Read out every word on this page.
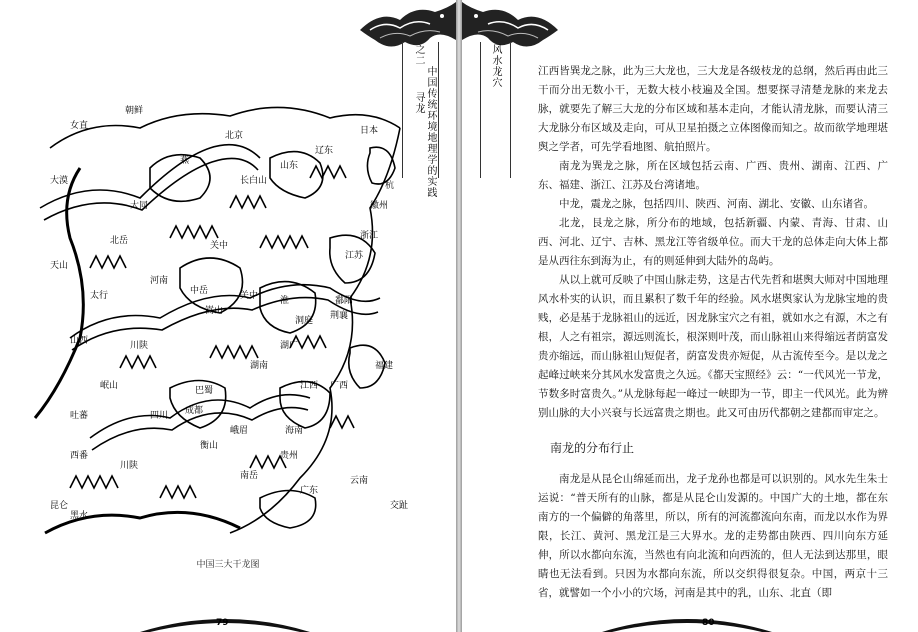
之二
中国传统环境地理学的实践
寻龙
女直
朝鲜
大漠
日本
北京
燕	山东
辽东
长白山
大同
北岳
河南
中岳
嵩山
关中 淮
太行
山西
江苏
荆襄
江西
川陕
巴蜀
洞庭
鄱阳
岷山
四川 成都
峨眉
吐蕃
贵州
广西
广东
衡山
南岳	云南
交趾
海南
西番
黑水
福建
浙江
湖广
关中
天山
昆仑
川陕
湖南
徽州
杭
中国三大干龙图
79
风水龙穴	江西皆巽龙之脉，此为三大龙也，三大龙是各级枝龙的总纲，然后再由此三干而分出无数小干，无数大枝小枝遍及全国。想要探寻清楚龙脉的来龙去脉，就要先了解三大龙的分布区域和基本走向，才能认清龙脉，而要认清三大龙脉分布区域及走向，可从卫星拍摄之立体图像而知之。故而欲学地理堪舆之学者，可先学看地图、航拍照片。

南龙为巽龙之脉，所在区域包括云南、广西、贵州、湖南、江西、广东、福建、浙江、江苏及台湾诸地。

中龙，震龙之脉，包括四川、陕西、河南、湖北、安徽、山东诸省。

北龙，艮龙之脉，所分布的地域，包括新疆、内蒙、青海、甘肃、山西、河北、辽宁、吉林、黑龙江等省级单位。而大干龙的总体走向大体上都是从西往东到海为止，有的则延伸到大陆外的岛屿。

从以上就可反映了中国山脉走势，这是古代先哲和堪舆大师对中国地理风水朴实的认识，而且累积了数千年的经验。风水堪舆家认为龙脉宝地的贵贱，必是基于龙脉祖山的远近，因龙脉宝穴之有祖，就如水之有源，木之有根，人之有祖宗，源远则流长，根深则叶茂，而山脉祖山来得缩远者荫富发贵亦缩远，而山脉祖山短促者，荫富发贵亦短促，从古流传至今。是以龙之起峰过峡来分其风水发富贵之久远。《都天宝照经》云：“一代风光一节龙，节数多时富贵久。”从龙脉每起一峰过一峡即为一节，即主一代风光。此为辨别山脉的大小兴衰与长远富贵之期也。此又可由历代都朝之建都而审定之。

南龙的分布行止

南龙是从昆仑山绵延而出，龙子龙孙也都是可以识别的。风水先生朱士运说：“普天所有的山脉，都是从昆仑山发源的。中国广大的土地，都在东南方的一个偏僻的角落里，所以，所有的河流都流向东南，而龙以水作为界限，长江、黄河、黑龙江是三大界水。龙的走势都由陕西、四川向东方延伸，所以水都向东流，当然也有向北流和向西流的，但人无法到达那里，眼睛也无法看到。只因为水都向东流，所以交织得很复杂。中国，两京十三省，就譬如一个小小的穴场，河南是其中的乳，山东、北直（即

80
